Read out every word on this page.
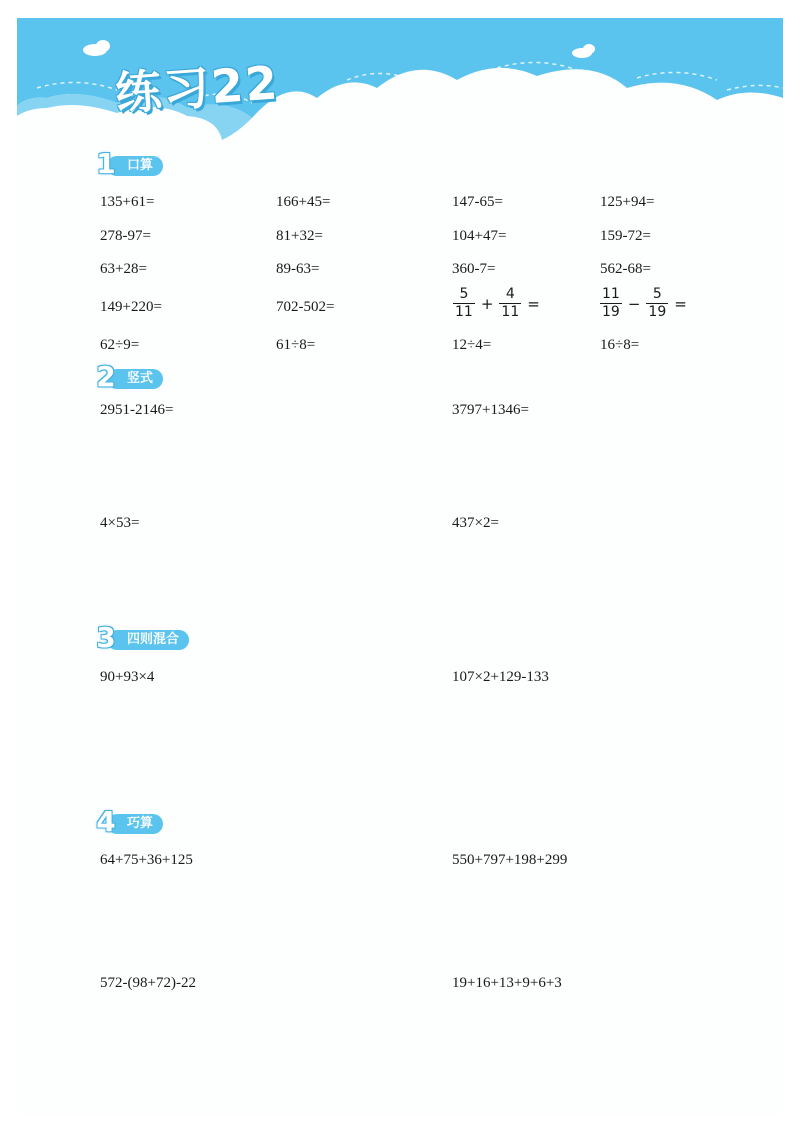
练习22
口算
1
135+61=	166+45=	147-65=	125+94=
278-97=	81+32=	104+47=	159-72=
63+28=	89-63=	360-7=	562-68=
149+220=	702-502=	$\frac{5}{11} + \frac{4}{11}$ =	$\frac{11}{19} - \frac{5}{19}$ =
62÷9=	61÷8=	12÷4=	16÷8=
竖式
2
2951-2146=	3797+1346=
4×53=	437×2=
四则混合
3
90+93×4	107×2+129-133
巧算
4
64+75+36+125	550+797+198+299
572-(98+72)-22	19+16+13+9+6+3
